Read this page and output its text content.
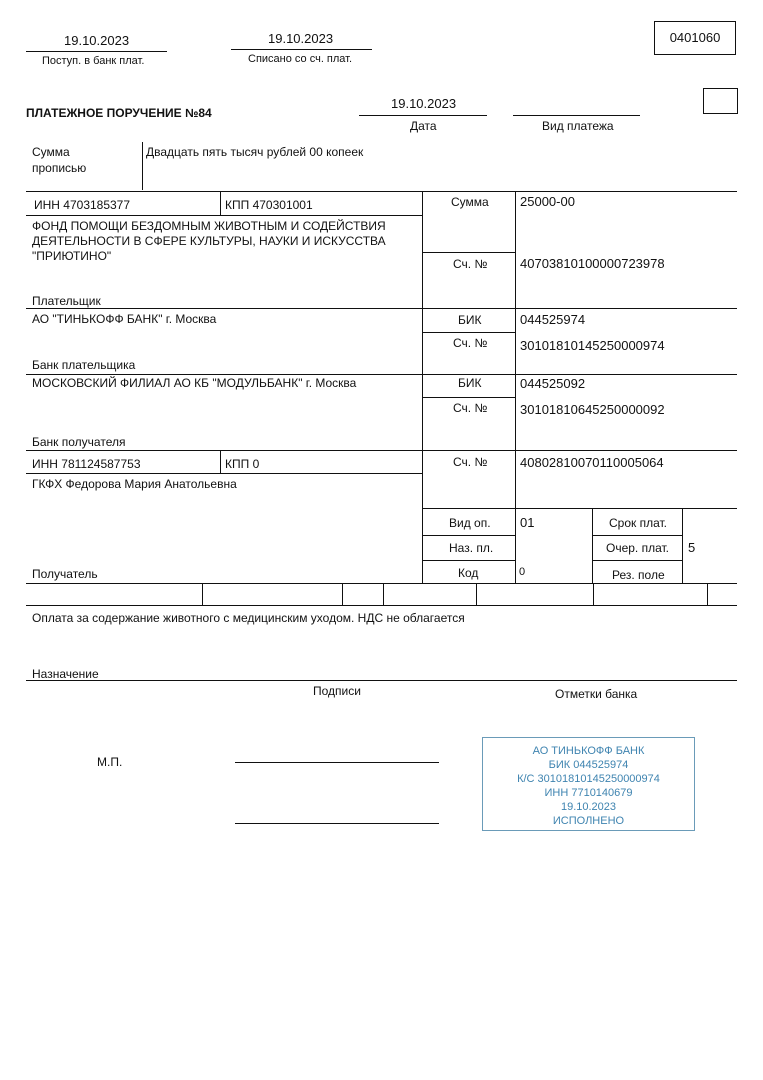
19.10.2023
Поступ. в банк плат.
19.10.2023
Списано со сч. плат.
0401060
ПЛАТЕЖНОЕ ПОРУЧЕНИЕ №84
19.10.2023
Дата	Вид платежа
Сумма
прописью
Двадцать пять тысяч рублей 00 копеек
ИНН 4703185377	КПП 470301001
ФОНД ПОМОЩИ БЕЗДОМНЫМ ЖИВОТНЫМ И СОДЕЙСТВИЯ
ДЕЯТЕЛЬНОСТИ В СФЕРЕ КУЛЬТУРЫ, НАУКИ И ИСКУССТВА
"ПРИЮТИНО"
Плательщик
Сумма 25000-00
Сч. №	40703810100000723978
АО "ТИНЬКОФФ БАНК" г. Москва
Банк плательщика
БИК	044525974
Сч. №	30101810145250000974
МОСКОВСКИЙ ФИЛИАЛ АО КБ "МОДУЛЬБАНК" г. Москва
Банк получателя
БИК	044525092
Сч. №	30101810645250000092
ИНН 781124587753	КПП 0	Сч. №	40802810070110005064
ГКФХ Федорова Мария Анатольевна
Получатель
Вид оп. 01
Наз. пл.
Код	0
Срок плат.
Очер. плат. 5
Рез. поле
Оплата за содержание животного с медицинским уходом. НДС не облагается
Назначение
Подписи	Отметки банка
М.П.
АО ТИНЬКОФФ БАНК
БИК 044525974
К/С 30101810145250000974
ИНН 7710140679
19.10.2023
ИСПОЛНЕНО
